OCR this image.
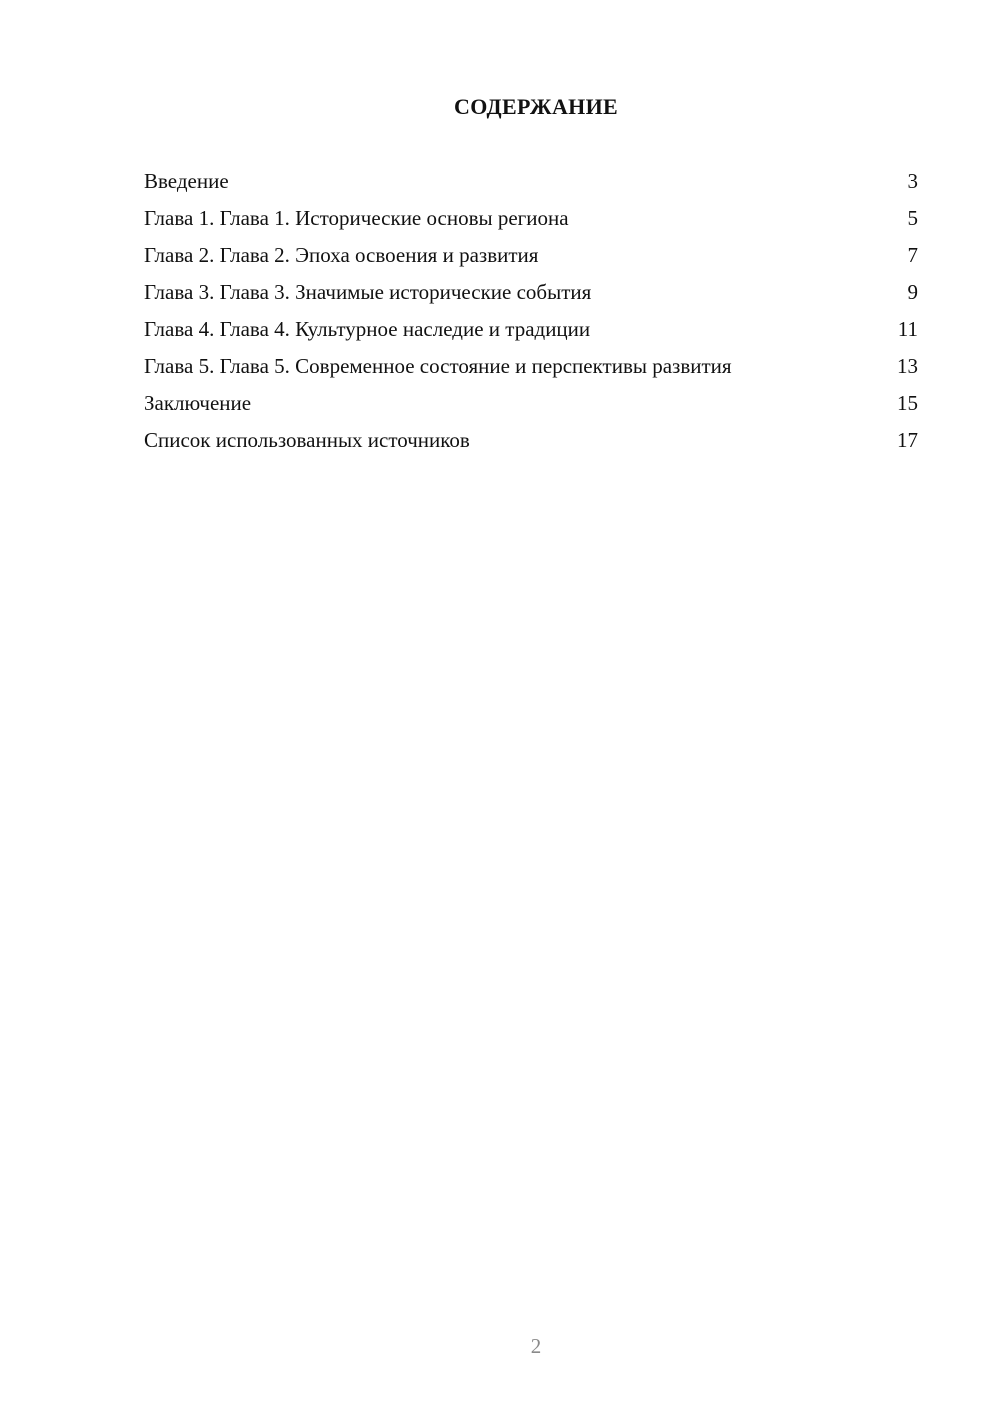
СОДЕРЖАНИЕ
Введение	3
Глава 1. Глава 1. Исторические основы региона	5
Глава 2. Глава 2. Эпоха освоения и развития	7
Глава 3. Глава 3. Значимые исторические события	9
Глава 4. Глава 4. Культурное наследие и традиции	11
Глава 5. Глава 5. Современное состояние и перспективы развития	13
Заключение	15
Список использованных источников	17
2
